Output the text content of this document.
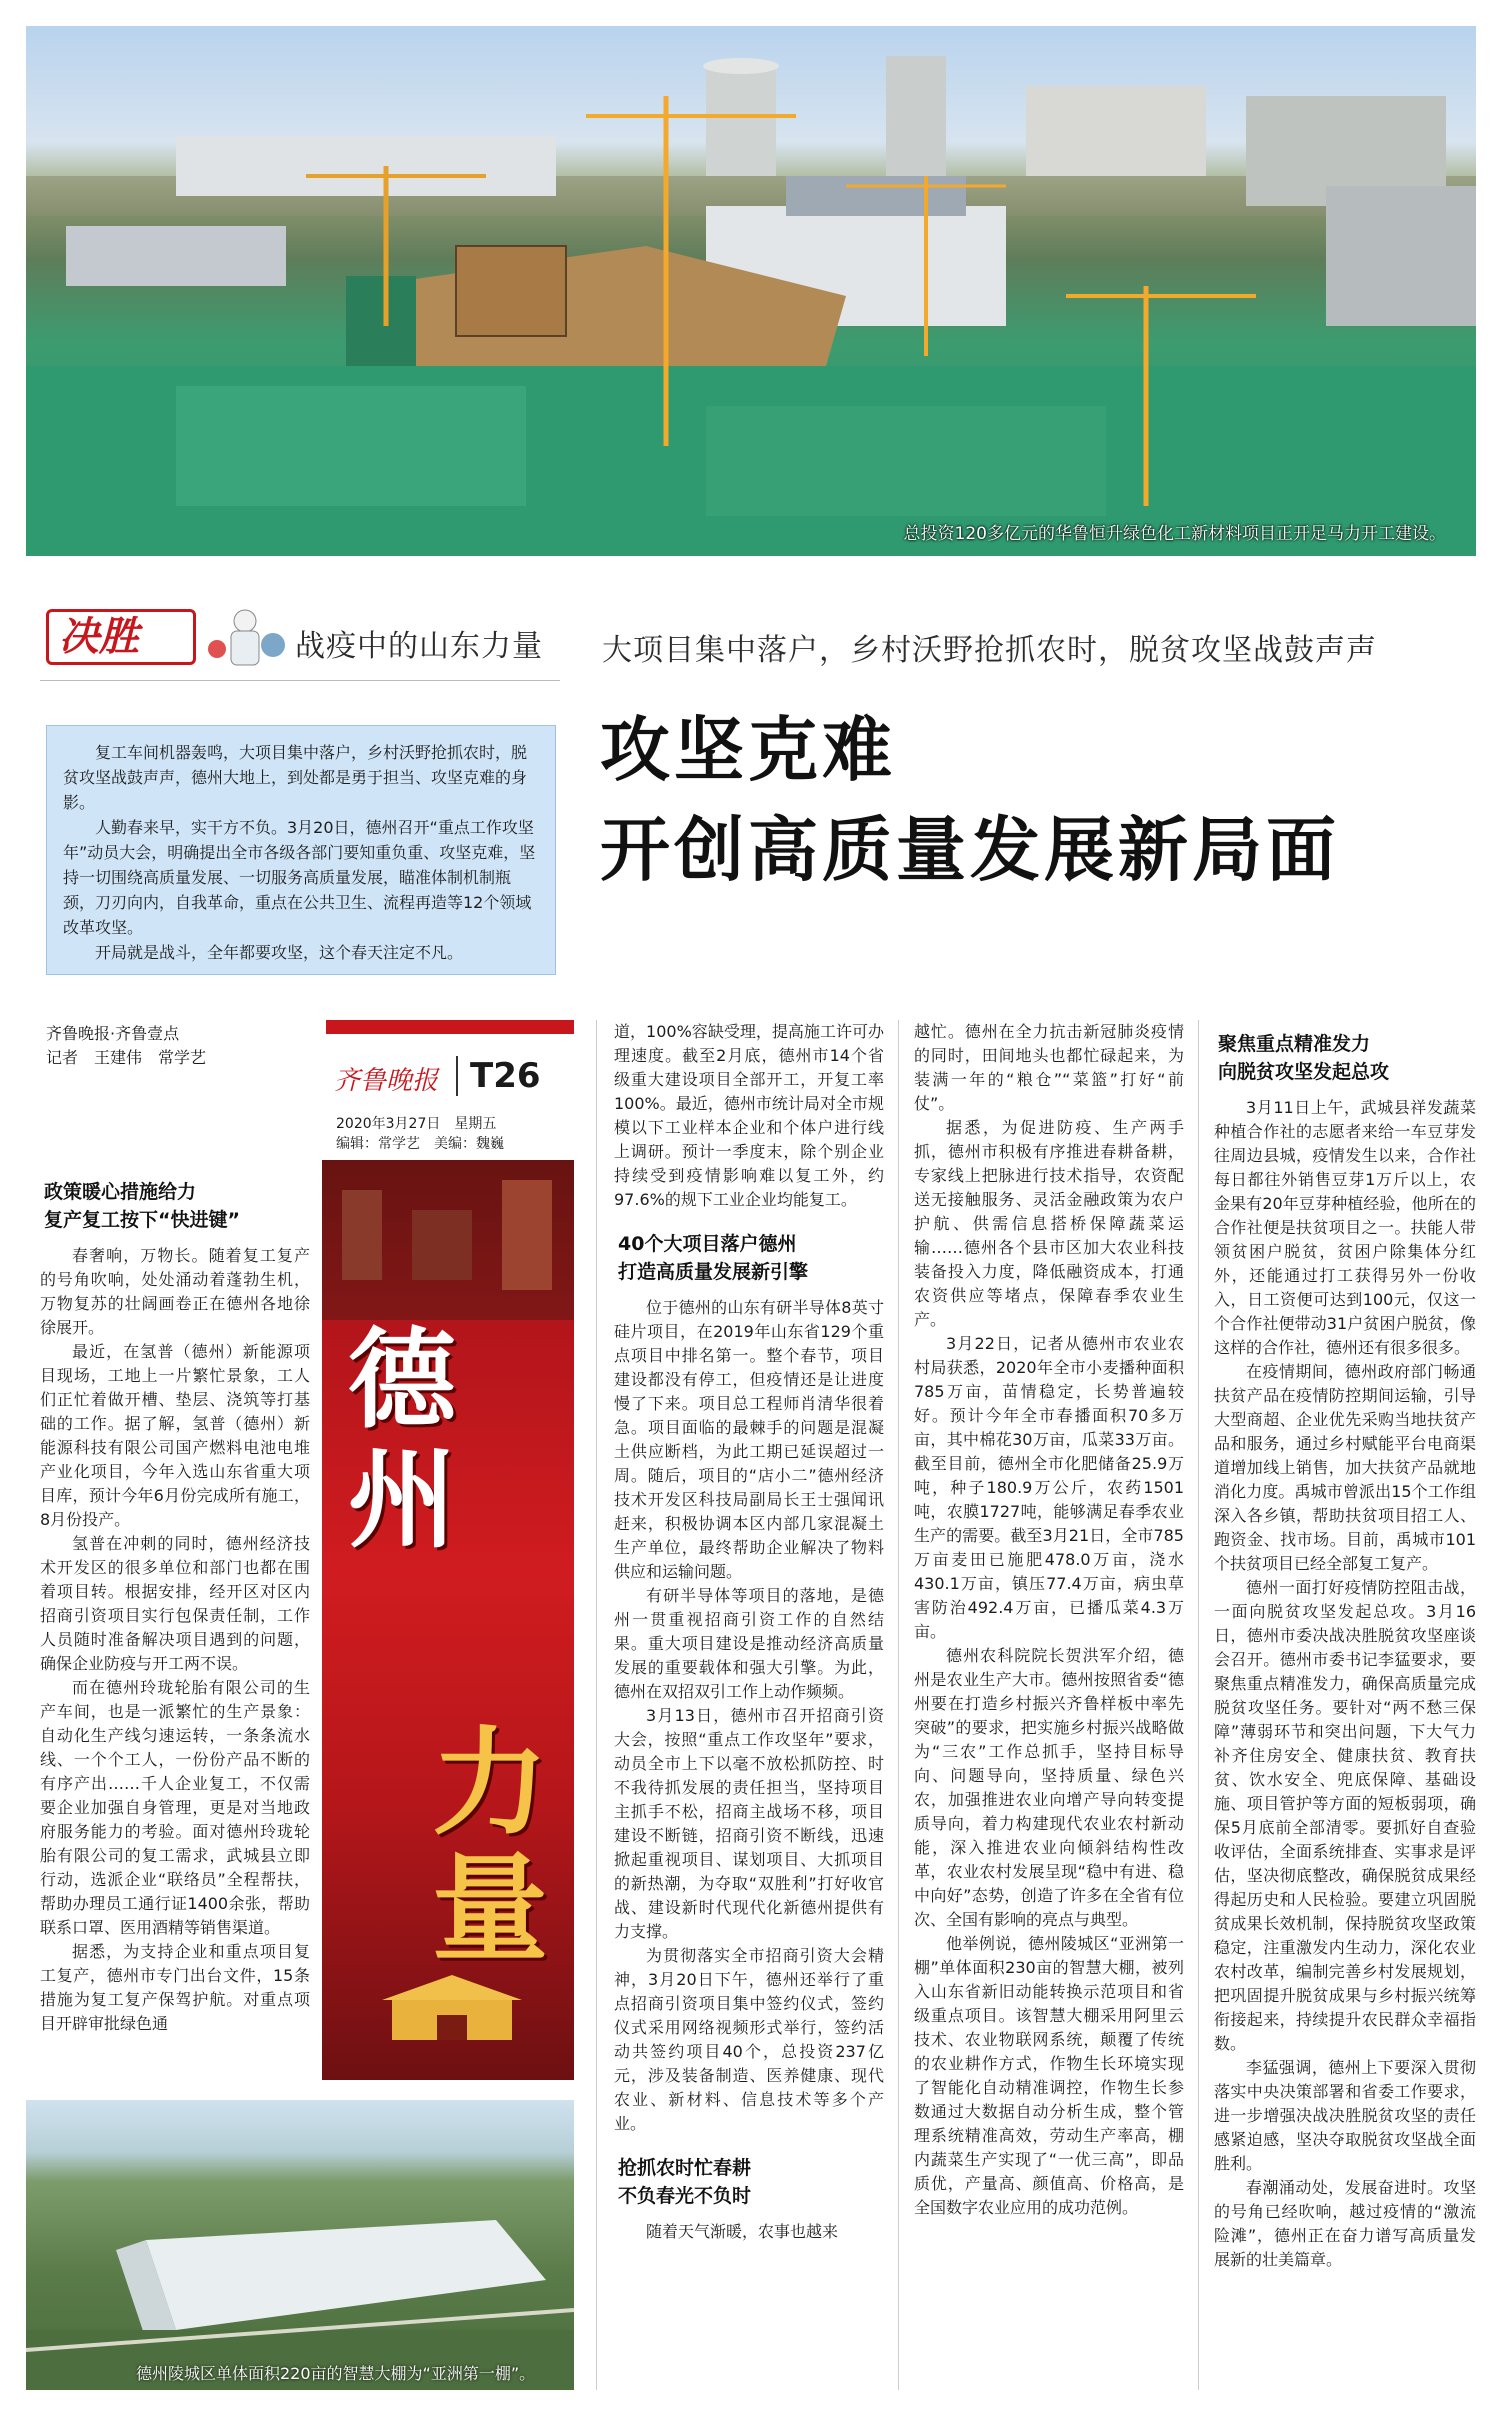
总投资120多亿元的华鲁恒升绿色化工新材料项目正开足马力开工建设。
决胜	战疫中的山东力量 大项目集中落户，乡村沃野抢抓农时，脱贫攻坚战鼓声声
攻坚克难
开创高质量发展新局面

复工车间机器轰鸣，大项目集中落户，乡村沃野抢抓农时，脱贫攻坚战鼓声声，德州大地上，到处都是勇于担当、攻坚克难的身影。

人勤春来早，实干方不负。3月20日，德州召开“重点工作攻坚年”动员大会，明确提出全市各级各部门要知重负重、攻坚克难，坚持一切围绕高质量发展、一切服务高质量发展，瞄准体制机制瓶颈，刀刃向内，自我革命，重点在公共卫生、流程再造等12个领域改革攻坚。

开局就是战斗，全年都要攻坚，这个春天注定不凡。

齐鲁晚报·齐鲁壹点
记者　王建伟　常学艺
齐鲁晚报 T26
2020年3月27日　星期五
编辑：常学艺　美编：魏巍
德
州
力
量
德州陵城区单体面积220亩的智慧大棚为“亚洲第一棚”。
政策暖心措施给力
复产复工按下“快进键”

春奢响，万物长。随着复工复产的号角吹响，处处涌动着蓬勃生机，万物复苏的壮阔画卷正在德州各地徐徐展开。

最近，在氢普（德州）新能源项目现场，工地上一片繁忙景象，工人们正忙着做开槽、垫层、浇筑等打基础的工作。据了解，氢普（德州）新能源科技有限公司国产燃料电池电堆产业化项目，今年入选山东省重大项目库，预计今年6月份完成所有施工，8月份投产。

氢普在冲刺的同时，德州经济技术开发区的很多单位和部门也都在围着项目转。根据安排，经开区对区内招商引资项目实行包保责任制，工作人员随时准备解决项目遇到的问题，确保企业防疫与开工两不误。

而在德州玲珑轮胎有限公司的生产车间，也是一派繁忙的生产景象：自动化生产线匀速运转，一条条流水线、一个个工人，一份份产品不断的有序产出……千人企业复工，不仅需要企业加强自身管理，更是对当地政府服务能力的考验。面对德州玲珑轮胎有限公司的复工需求，武城县立即行动，选派企业“联络员”全程帮扶，帮助办理员工通行证1400余张，帮助联系口罩、医用酒精等销售渠道。

据悉，为支持企业和重点项目复工复产，德州市专门出台文件，15条措施为复工复产保驾护航。对重点项目开辟审批绿色通

道，100%容缺受理，提高施工许可办理速度。截至2月底，德州市14个省级重大建设项目全部开工，开复工率100%。最近，德州市统计局对全市规模以下工业样本企业和个体户进行线上调研。预计一季度末，除个别企业持续受到疫情影响难以复工外，约97.6%的规下工业企业均能复工。

40个大项目落户德州
打造高质量发展新引擎

位于德州的山东有研半导体8英寸硅片项目，在2019年山东省129个重点项目中排名第一。整个春节，项目建设都没有停工，但疫情还是让进度慢了下来。项目总工程师肖清华很着急。项目面临的最棘手的问题是混凝土供应断档，为此工期已延误超过一周。随后，项目的“店小二”德州经济技术开发区科技局副局长王士强闻讯赶来，积极协调本区内部几家混凝土生产单位，最终帮助企业解决了物料供应和运输问题。

有研半导体等项目的落地，是德州一贯重视招商引资工作的自然结果。重大项目建设是推动经济高质量发展的重要载体和强大引擎。为此，德州在双招双引工作上动作频频。

3月13日，德州市召开招商引资大会，按照“重点工作攻坚年”要求，动员全市上下以毫不放松抓防控、时不我待抓发展的责任担当，坚持项目主抓手不松，招商主战场不移，项目建设不断链，招商引资不断线，迅速掀起重视项目、谋划项目、大抓项目的新热潮，为夺取“双胜利”打好收官战、建设新时代现代化新德州提供有力支撑。

为贯彻落实全市招商引资大会精神，3月20日下午，德州还举行了重点招商引资项目集中签约仪式，签约仪式采用网络视频形式举行，签约活动共签约项目40个，总投资237亿元，涉及装备制造、医养健康、现代农业、新材料、信息技术等多个产业。

抢抓农时忙春耕
不负春光不负时

随着天气渐暖，农事也越来

越忙。德州在全力抗击新冠肺炎疫情的同时，田间地头也都忙碌起来，为装满一年的“粮仓”“菜篮”打好“前仗”。

据悉，为促进防疫、生产两手抓，德州市积极有序推进春耕备耕，专家线上把脉进行技术指导，农资配送无接触服务、灵活金融政策为农户护航、供需信息搭桥保障蔬菜运输……德州各个县市区加大农业科技装备投入力度，降低融资成本，打通农资供应等堵点，保障春季农业生产。

3月22日，记者从德州市农业农村局获悉，2020年全市小麦播种面积785万亩，苗情稳定，长势普遍较好。预计今年全市春播面积70多万亩，其中棉花30万亩，瓜菜33万亩。截至目前，德州全市化肥储备25.9万吨，种子180.9万公斤，农药1501吨，农膜1727吨，能够满足春季农业生产的需要。截至3月21日，全市785万亩麦田已施肥478.0万亩，浇水430.1万亩，镇压77.4万亩，病虫草害防治492.4万亩，已播瓜菜4.3万亩。

德州农科院院长贺洪军介绍，德州是农业生产大市。德州按照省委“德州要在打造乡村振兴齐鲁样板中率先突破”的要求，把实施乡村振兴战略做为“三农”工作总抓手，坚持目标导向、问题导向，坚持质量、绿色兴农，加强推进农业向增产导向转变提质导向，着力构建现代农业农村新动能，深入推进农业向倾斜结构性改革，农业农村发展呈现“稳中有进、稳中向好”态势，创造了许多在全省有位次、全国有影响的亮点与典型。

他举例说，德州陵城区“亚洲第一棚”单体面积230亩的智慧大棚，被列入山东省新旧动能转换示范项目和省级重点项目。该智慧大棚采用阿里云技术、农业物联网系统，颠覆了传统的农业耕作方式，作物生长环境实现了智能化自动精准调控，作物生长参数通过大数据自动分析生成，整个管理系统精准高效，劳动生产率高，棚内蔬菜生产实现了“一优三高”，即品质优，产量高、颜值高、价格高，是全国数字农业应用的成功范例。

聚焦重点精准发力
向脱贫攻坚发起总攻

3月11日上午，武城县祥发蔬菜种植合作社的志愿者来给一车豆芽发往周边县城，疫情发生以来，合作社每日都往外销售豆芽1万斤以上，农金果有20年豆芽种植经验，他所在的合作社便是扶贫项目之一。扶能人带领贫困户脱贫，贫困户除集体分红外，还能通过打工获得另外一份收入，日工资便可达到100元，仅这一个合作社便带动31户贫困户脱贫，像这样的合作社，德州还有很多很多。

在疫情期间，德州政府部门畅通扶贫产品在疫情防控期间运输，引导大型商超、企业优先采购当地扶贫产品和服务，通过乡村赋能平台电商渠道增加线上销售，加大扶贫产品就地消化力度。禹城市曾派出15个工作组深入各乡镇，帮助扶贫项目招工人、跑资金、找市场。目前，禹城市101个扶贫项目已经全部复工复产。

德州一面打好疫情防控阻击战，一面向脱贫攻坚发起总攻。3月16日，德州市委决战决胜脱贫攻坚座谈会召开。德州市委书记李猛要求，要聚焦重点精准发力，确保高质量完成脱贫攻坚任务。要针对“两不愁三保障”薄弱环节和突出问题，下大气力补齐住房安全、健康扶贫、教育扶贫、饮水安全、兜底保障、基础设施、项目管护等方面的短板弱项，确保5月底前全部清零。要抓好自查验收评估，全面系统排查、实事求是评估，坚决彻底整改，确保脱贫成果经得起历史和人民检验。要建立巩固脱贫成果长效机制，保持脱贫攻坚政策稳定，注重激发内生动力，深化农业农村改革，编制完善乡村发展规划，把巩固提升脱贫成果与乡村振兴统筹衔接起来，持续提升农民群众幸福指数。

李猛强调，德州上下要深入贯彻落实中央决策部署和省委工作要求，进一步增强决战决胜脱贫攻坚的责任感紧迫感，坚决夺取脱贫攻坚战全面胜利。

春潮涌动处，发展奋进时。攻坚的号角已经吹响，越过疫情的“激流险滩”，德州正在奋力谱写高质量发展新的壮美篇章。
